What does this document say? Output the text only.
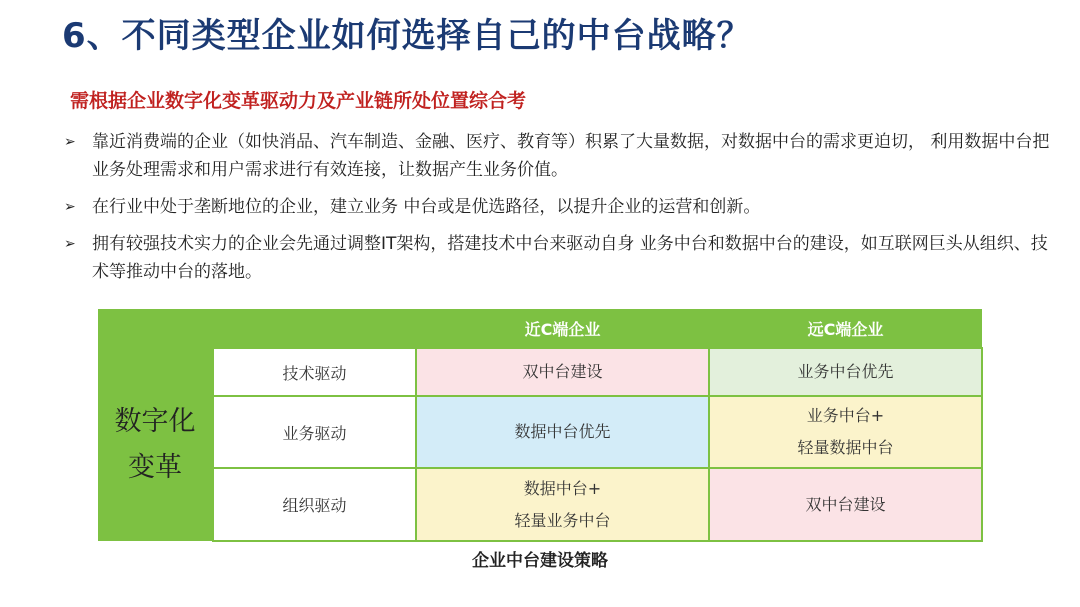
6、不同类型企业如何选择自己的中台战略？
需根据企业数字化变革驱动力及产业链所处位置综合考
➢ 靠近消费端的企业（如快消品、汽车制造、金融、医疗、教育等）积累了大量数据，对数据中台的需求更迫切， 利用数据中台把业务处理需求和用户需求进行有效连接，让数据产生业务价值。
➢ 在行业中处于垄断地位的企业，建立业务 中台或是优选路径，以提升企业的运营和创新。
➢ 拥有较强技术实力的企业会先通过调整IT架构，搭建技术中台来驱动自身 业务中台和数据中台的建设，如互联网巨头从组织、技术等推动中台的落地。
		近C端企业	远C端企业

数字化
变革	技术驱动	双中台建设	业务中台优先

	业务驱动	数据中台优先	业务中台+
轻量数据中台

	组织驱动	数据中台+
轻量业务中台	双中台建设
企业中台建设策略
